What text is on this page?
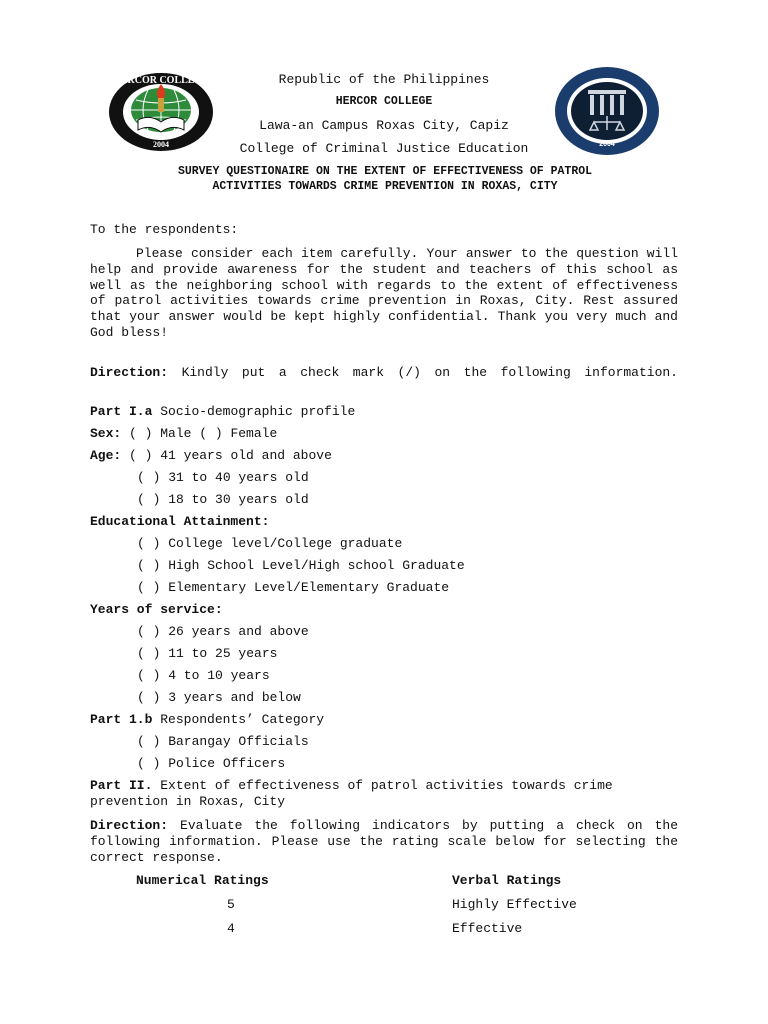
HERCOR COLLEGE
2004	2004
Republic of the Philippines
HERCOR COLLEGE
Lawa-an Campus Roxas City, Capiz
College of Criminal Justice Education
SURVEY QUESTIONAIRE ON THE EXTENT OF EFFECTIVENESS OF PATROL
ACTIVITIES TOWARDS CRIME PREVENTION IN ROXAS, CITY
To the respondents:
Please consider each item carefully. Your answer to the question will help and provide awareness for the student and teachers of this school as well as the neighboring school with regards to the extent of effectiveness of patrol activities towards crime prevention in Roxas, City. Rest assured that your answer would be kept highly confidential. Thank you very much and God bless!
Direction: Kindly put a check mark (/) on the following information.
Part I.a Socio-demographic profile
Sex: ( ) Male ( ) Female
Age: ( ) 41 years old and above
( ) 31 to 40 years old
( ) 18 to 30 years old
Educational Attainment:
( ) College level/College graduate
( ) High School Level/High school Graduate
( ) Elementary Level/Elementary Graduate
Years of service:
( ) 26 years and above
( ) 11 to 25 years
( ) 4 to 10 years
( ) 3 years and below
Part 1.b Respondents’ Category
( ) Barangay Officials
( ) Police Officers
Part II. Extent of effectiveness of patrol activities towards crime prevention in Roxas, City
Direction: Evaluate the following indicators by putting a check on the following information. Please use the rating scale below for selecting the correct response.
Numerical Ratings	Verbal Ratings
5	Highly Effective
4	Effective
